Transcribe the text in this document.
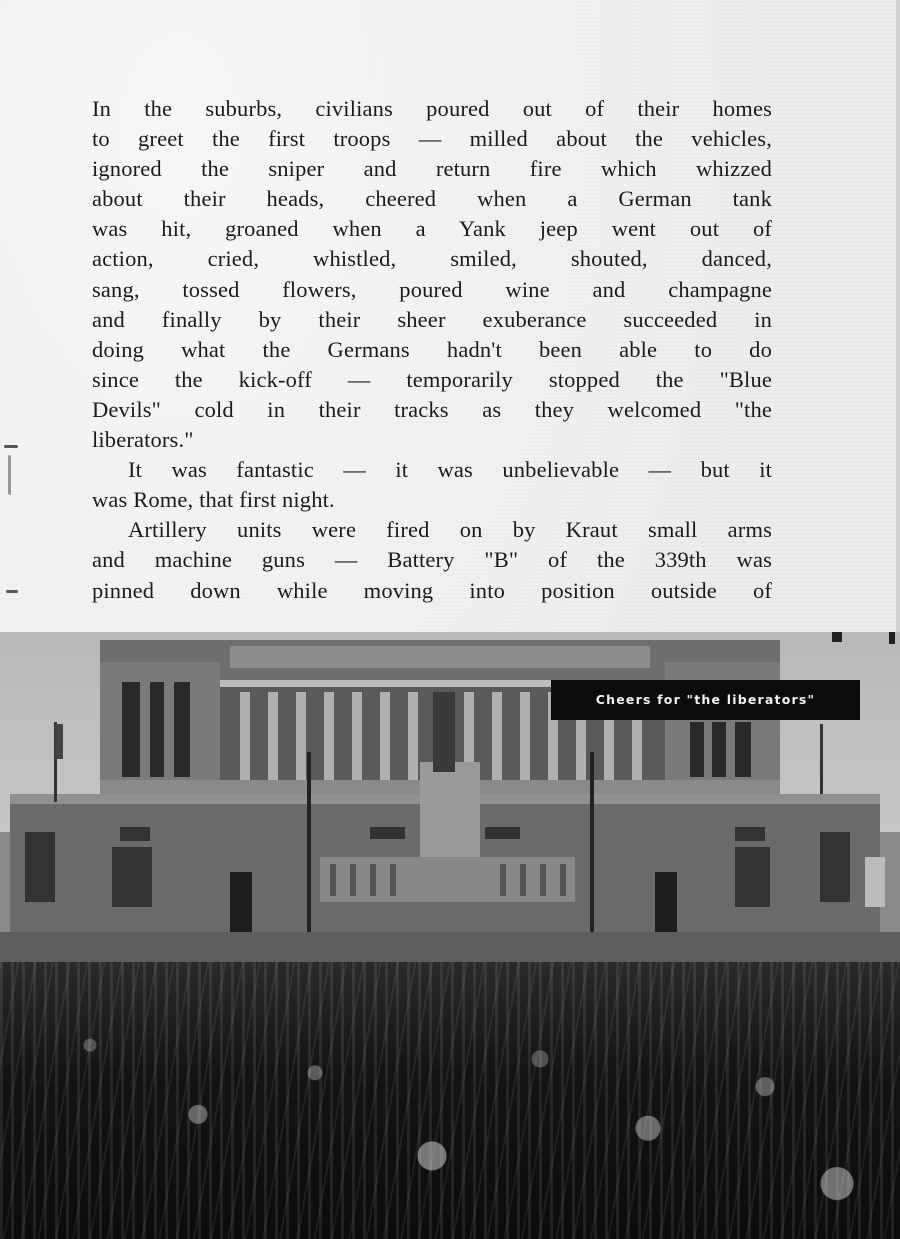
In the suburbs, civilians poured out of their homes
to greet the first troops — milled about the vehicles,
ignored the sniper and return fire which whizzed
about their heads, cheered when a German tank
was hit, groaned when a Yank jeep went out of
action, cried, whistled, smiled, shouted, danced,
sang, tossed flowers, poured wine and champagne
and finally by their sheer exuberance succeeded in
doing what the Germans hadn't been able to do
since the kick-off — temporarily stopped the "Blue
Devils" cold in their tracks as they welcomed "the
liberators."
It was fantastic — it was unbelievable — but it
was Rome, that first night.
Artillery units were fired on by Kraut small arms
and machine guns — Battery "B" of the 339th was
pinned down while moving into position outside of
Cheers for "the liberators"
